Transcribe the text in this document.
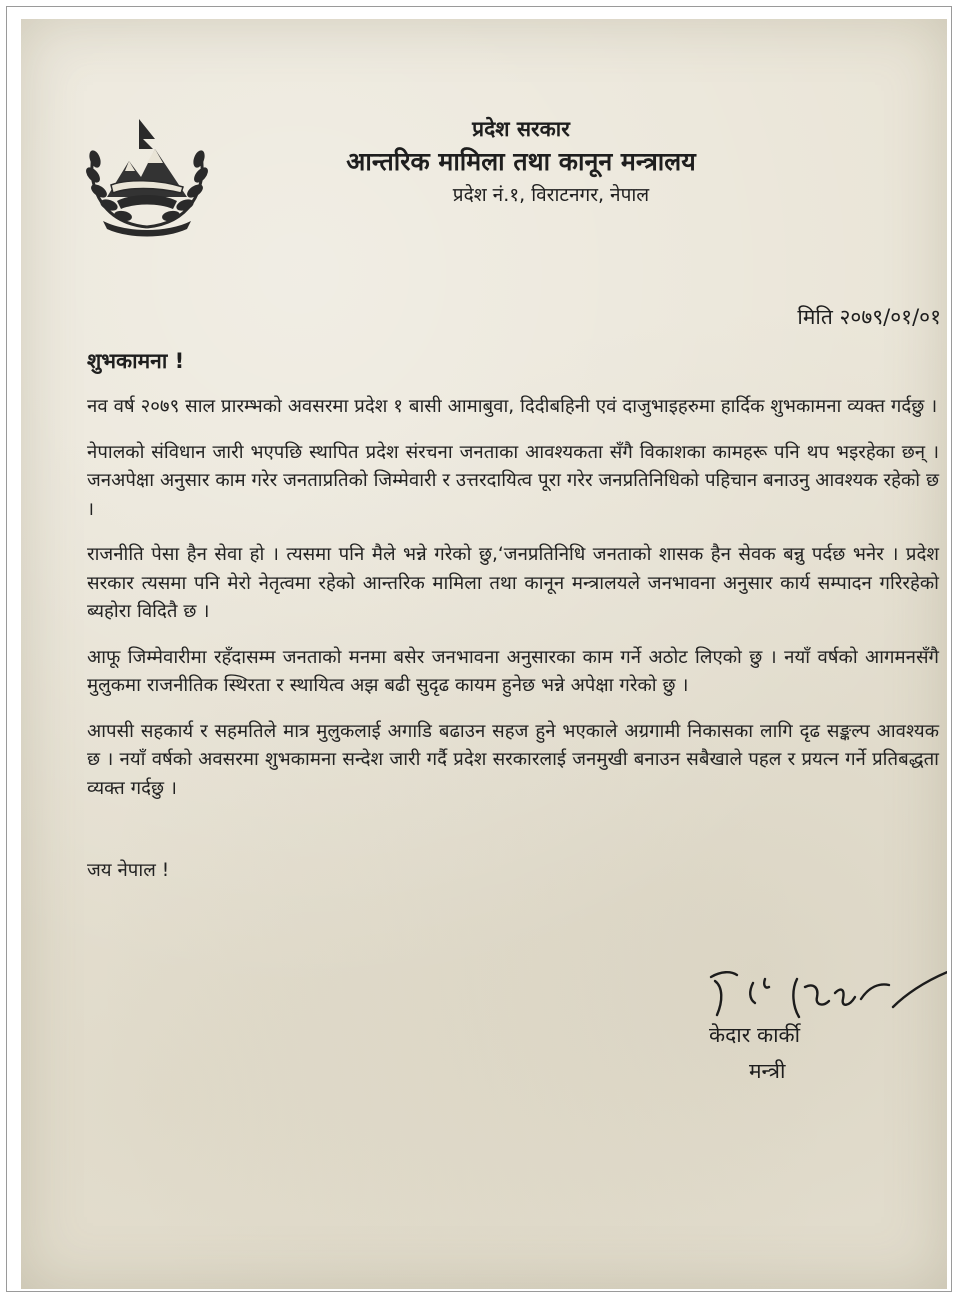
प्रदेश सरकार
आन्तरिक मामिला तथा कानून मन्त्रालय
प्रदेश नं.१, विराटनगर, नेपाल
मिति २०७९/०१/०१
शुभकामना !

नव वर्ष २०७९ साल प्रारम्भको अवसरमा प्रदेश १ बासी आमाबुवा, दिदीबहिनी एवं दाजुभाइहरुमा हार्दिक शुभकामना व्यक्त गर्दछु ।

नेपालको संविधान जारी भएपछि स्थापित प्रदेश संरचना जनताका आवश्यकता सँगै विकाशका कामहरू पनि थप भइरहेका छन् । जनअपेक्षा अनुसार काम गरेर जनताप्रतिको जिम्मेवारी र उत्तरदायित्व पूरा गरेर जनप्रतिनिधिको पहिचान बनाउनु आवश्यक रहेको छ ।

राजनीति पेसा हैन सेवा हो । त्यसमा पनि मैले भन्ने गरेको छु,‘जनप्रतिनिधि जनताको शासक हैन सेवक बन्नु पर्दछ भनेर । प्रदेश सरकार त्यसमा पनि मेरो नेतृत्वमा रहेको आन्तरिक मामिला तथा कानून मन्त्रालयले जनभावना अनुसार कार्य सम्पादन गरिरहेको ब्यहोरा विदितै छ ।

आफू जिम्मेवारीमा रहँदासम्म जनताको मनमा बसेर जनभावना अनुसारका काम गर्ने अठोट लिएको छु । नयाँ वर्षको आगमनसँगै मुलुकमा राजनीतिक स्थिरता र स्थायित्व अझ बढी सुदृढ कायम हुनेछ भन्ने अपेक्षा गरेको छु ।

आपसी सहकार्य र सहमतिले मात्र मुलुकलाई अगाडि बढाउन सहज हुने भएकाले अग्रगामी निकासका लागि दृढ सङ्कल्प आवश्यक छ । नयाँ वर्षको अवसरमा शुभकामना सन्देश जारी गर्दै प्रदेश सरकारलाई जनमुखी बनाउन सबैखाले पहल र प्रयत्न गर्ने प्रतिबद्धता व्यक्त गर्दछु ।

जय नेपाल !
केदार कार्की
मन्त्री
